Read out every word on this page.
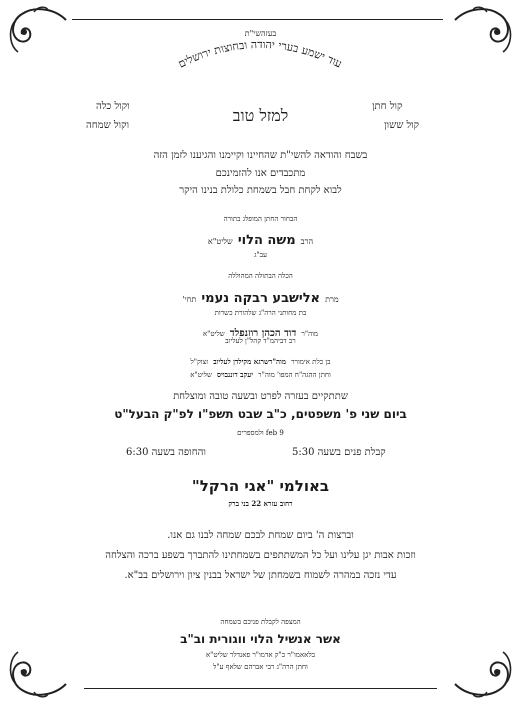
בעזהשי"ת
עוד ישמע בערי יהודה ובחוצות ירושלים
וקול כלה
וקול שמחה
קול חתן
קול ששון
למזל טוב
בשבח והודאה להשי"ת שהחיינו וקיימנו והגיענו לזמן הזה
מתכבדים אנו להזמינכם
לבוא לקחת חבל בשמחת כלולת בנינו היקר
הבחור החתן המופלג בתורה
הרב משה הלוי שליט"א
עב"ג
הכלה הבתולה המהוללה
מרת אלישבע רבקה נעמי תחי'
בת מחותני הרה"ג שלהורת כשרות
מוה"ר דוד הכהן רוזנפלד שליט"א
רב דביהמ"ד קהל"ן לעליוב
בן כלת אימורר מוה"רשרגא מקילדן לעליוב זצוק"ל
וחתן ההגה"ח המפו' מוה"ר יעקב דוננבויס שליט"א
שתתקיים בעזרה לפרט ובשעה טובה ומוצלחת
ביום שני פ' משפטים, כ"ב שבט תשפ"ו לפ"ק הבעל"ט
feb 9 ולמספרים
קבלת פנים בשעה 5:30
והחופה בשעה 6:30
באולמי "אגי הרקל"
רחוב עזרא 22 בני ברק
וברצות ה' ביום שמחת לבכם שמחה לבנו גם אנו.
וזכות אבות יגן עלינו ועל כל המשתתפים בשמחתינו להתברך בשפע ברכה והצלחה
עדי נזכה במהרה לשמוח בשמחתן של ישראל בבנין ציון וירושלים בב"א.
המצפה לקבלת פניכם בשמחה
אשר אנשיל הלוי ווגורית וב"ב
בלאאמו"ר כ"ק אדמו"ר פאנדלר שליט"א
וחתן הרה"ג רבי אברהם שלאף ע"ל
